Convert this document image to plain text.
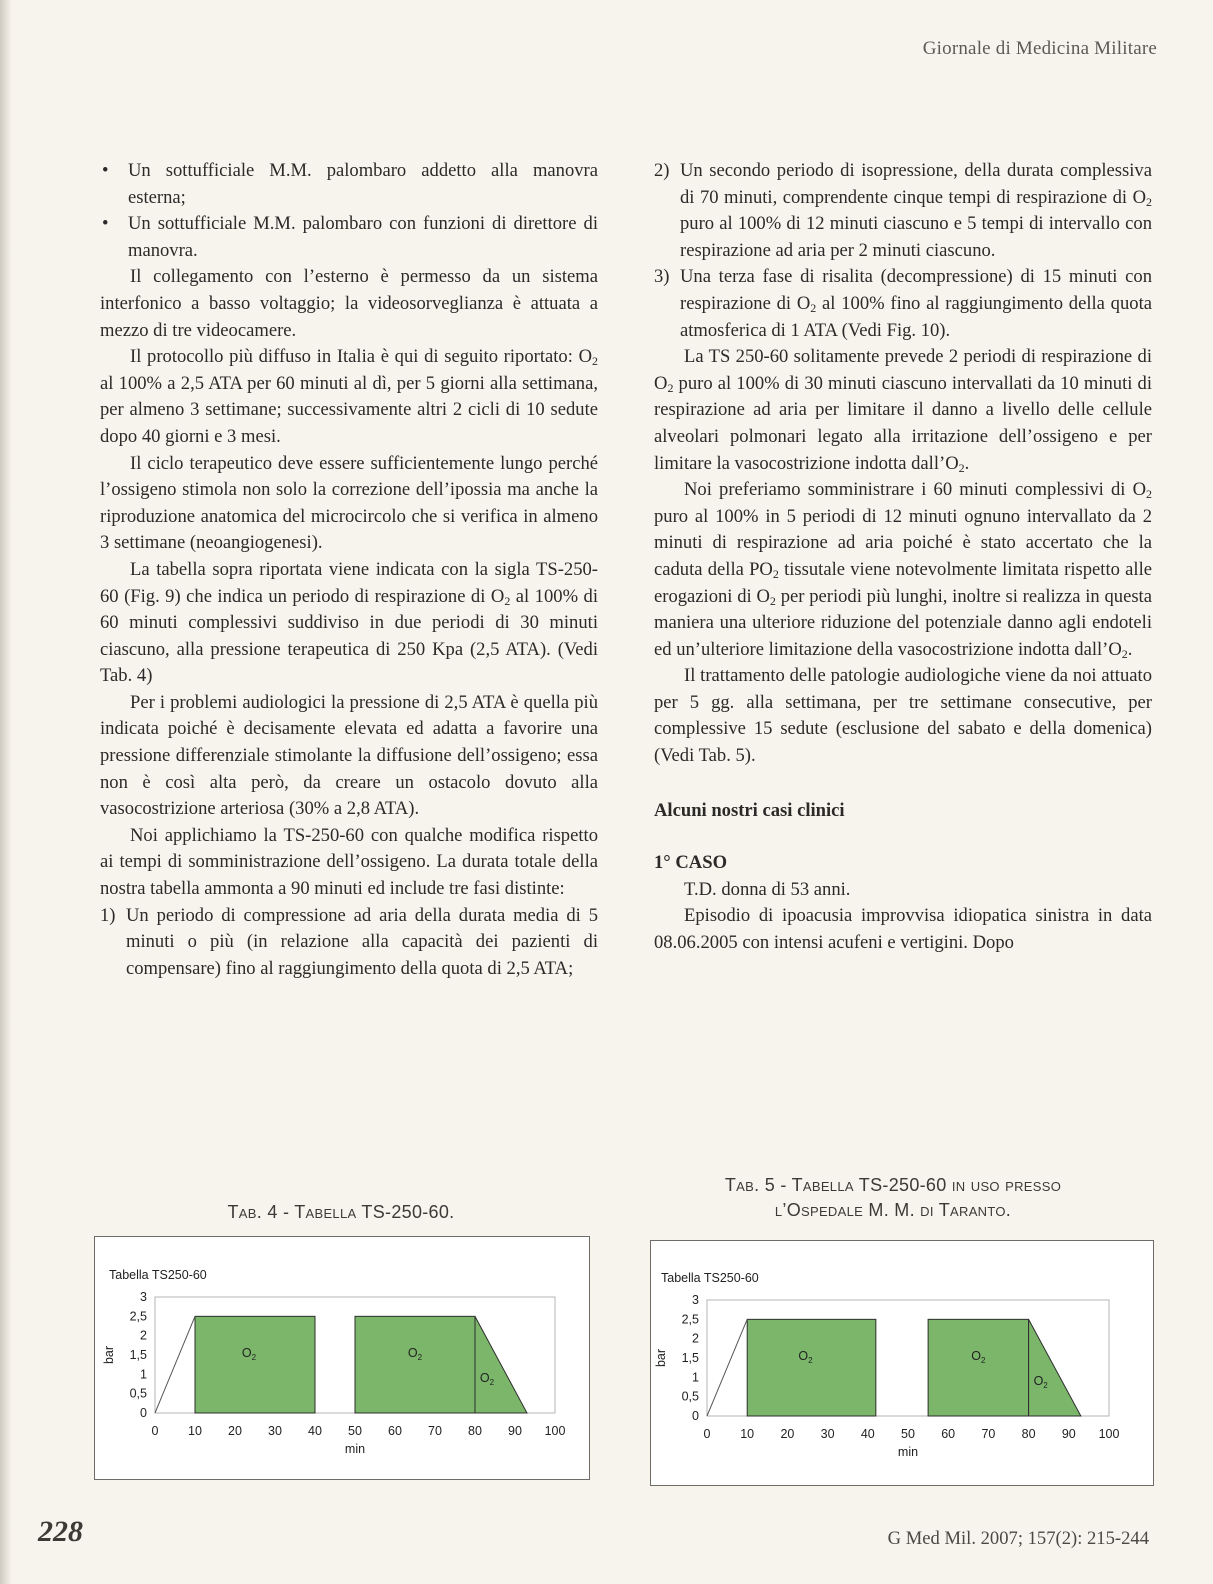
Giornale di Medicina Militare
• Un sottufficiale M.M. palombaro addetto alla manovra esterna;
• Un sottufficiale M.M. palombaro con funzioni di direttore di manovra.

Il collegamento con l’esterno è permesso da un sistema interfonico a basso voltaggio; la videosorveglianza è attuata a mezzo di tre videocamere.

Il protocollo più diffuso in Italia è qui di seguito riportato: $O_2$ al 100% a 2,5 ATA per 60 minuti al dì, per 5 giorni alla settimana, per almeno 3 settimane; successivamente altri 2 cicli di 10 sedute dopo 40 giorni e 3 mesi.

Il ciclo terapeutico deve essere sufficientemente lungo perché l’ossigeno stimola non solo la correzione dell’ipossia ma anche la riproduzione anatomica del microcircolo che si verifica in almeno 3 settimane (neoangiogenesi).

La tabella sopra riportata viene indicata con la sigla TS-250-60 (Fig. 9) che indica un periodo di respirazione di $O_2$ al 100% di 60 minuti complessivi suddiviso in due periodi di 30 minuti ciascuno, alla pressione terapeutica di 250 Kpa (2,5 ATA). (Vedi Tab. 4)

Per i problemi audiologici la pressione di 2,5 ATA è quella più indicata poiché è decisamente elevata ed adatta a favorire una pressione differenziale stimolante la diffusione dell’ossigeno; essa non è così alta però, da creare un ostacolo dovuto alla vasocostrizione arteriosa (30% a 2,8 ATA).

Noi applichiamo la TS-250-60 con qualche modifica rispetto ai tempi di somministrazione dell’ossigeno. La durata totale della nostra tabella ammonta a 90 minuti ed include tre fasi distinte:

1) Un periodo di compressione ad aria della durata media di 5 minuti o più (in relazione alla capacità dei pazienti di compensare) fino al raggiungimento della quota di 2,5 ATA;
2) Un secondo periodo di isopressione, della durata complessiva di 70 minuti, comprendente cinque tempi di respirazione di $O_2$ puro al 100% di 12 minuti ciascuno e 5 tempi di intervallo con respirazione ad aria per 2 minuti ciascuno.
3) Una terza fase di risalita (decompressione) di 15 minuti con respirazione di $O_2$ al 100% fino al raggiungimento della quota atmosferica di 1 ATA (Vedi Fig. 10).

La TS 250-60 solitamente prevede 2 periodi di respirazione di $O_2$ puro al 100% di 30 minuti ciascuno intervallati da 10 minuti di respirazione ad aria per limitare il danno a livello delle cellule alveolari polmonari legato alla irritazione dell’ossigeno e per limitare la vasocostrizione indotta $dall’O_2$.

Noi preferiamo somministrare i 60 minuti complessivi di $O_2$ puro al 100% in 5 periodi di 12 minuti ognuno intervallato da 2 minuti di respirazione ad aria poiché è stato accertato che la caduta della $PO_2$ tissutale viene notevolmente limitata rispetto alle erogazioni di $O_2$ per periodi più lunghi, inoltre si realizza in questa maniera una ulteriore riduzione del potenziale danno agli endoteli ed un’ulteriore limitazione della vasocostrizione indotta $dall’O_2$.

Il trattamento delle patologie audiologiche viene da noi attuato per 5 gg. alla settimana, per tre settimane consecutive, per complessive 15 sedute (esclusione del sabato e della domenica) (Vedi Tab. 5).

Alcuni nostri casi clinici
1° CASO

T.D. donna di 53 anni.

Episodio di ipoacusia improvvisa idiopatica sinistra in data 08.06.2005 con intensi acufeni e vertigini. Dopo

Tab. 4 - Tabella TS-250-60.
Tab. 5 - Tabella TS-250-60 in uso presso
l’Ospedale M. M. di Taranto.
Tabella TS250-60
$O_2$	$O_2$
$O_2$
0
0,5
1
1,5
2
2,5
3
0 10 20 30 40 50 60 70 80 90 100
min
bar
Tabella TS250-60
$O_2$	$O_2$
$O_2$
0
0,5
1
1,5
2
2,5
3
0 10 20 30 40 50 60 70 80 90 100
min
bar
228	G Med Mil. 2007; 157(2): 215-244
